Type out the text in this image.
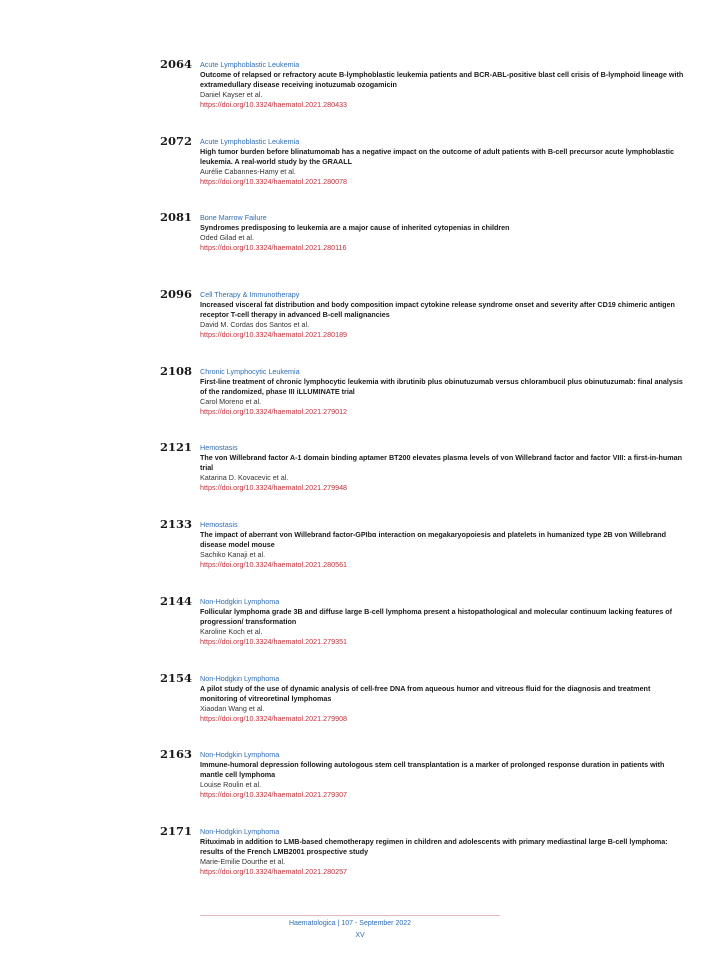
2064 Acute Lymphoblastic Leukemia
Outcome of relapsed or refractory acute B-lymphoblastic leukemia patients and BCR-ABL-positive blast cell crisis of B-lymphoid lineage with extramedullary disease receiving inotuzumab ozogamicin
Daniel Kayser et al.
https://doi.org/10.3324/haematol.2021.280433
2072 Acute Lymphoblastic Leukemia
High tumor burden before blinatumomab has a negative impact on the outcome of adult patients with B-cell precursor acute lymphoblastic leukemia. A real-world study by the GRAALL
Aurélie Cabannes-Hamy et al.
https://doi.org/10.3324/haematol.2021.280078
2081 Bone Marrow Failure
Syndromes predisposing to leukemia are a major cause of inherited cytopenias in children
Oded Gilad et al.
https://doi.org/10.3324/haematol.2021.280116
2096 Cell Therapy & Immunotherapy
Increased visceral fat distribution and body composition impact cytokine release syndrome onset and severity after CD19 chimeric antigen receptor T-cell therapy in advanced B-cell malignancies
David M. Cordas dos Santos et al.
https://doi.org/10.3324/haematol.2021.280189
2108 Chronic Lymphocytic Leukemia
First-line treatment of chronic lymphocytic leukemia with ibrutinib plus obinutuzumab versus chlorambucil plus obinutuzumab: final analysis of the randomized, phase III iLLUMINATE trial
Carol Moreno et al.
https://doi.org/10.3324/haematol.2021.279012
2121 Hemostasis
The von Willebrand factor A-1 domain binding aptamer BT200 elevates plasma levels of von Willebrand factor and factor VIII: a first-in-human trial
Katarina D. Kovacevic et al.
https://doi.org/10.3324/haematol.2021.279948
2133 Hemostasis
The impact of aberrant von Willebrand factor-GPIbα interaction on megakaryopoiesis and platelets in humanized type 2B von Willebrand disease model mouse
Sachiko Kanaji et al.
https://doi.org/10.3324/haematol.2021.280561
2144 Non-Hodgkin Lymphoma
Follicular lymphoma grade 3B and diffuse large B-cell lymphoma present a histopathological and molecular continuum lacking features of progression/ transformation
Karoline Koch et al.
https://doi.org/10.3324/haematol.2021.279351
2154 Non-Hodgkin Lymphoma
A pilot study of the use of dynamic analysis of cell-free DNA from aqueous humor and vitreous fluid for the diagnosis and treatment monitoring of vitreoretinal lymphomas
Xiaodan Wang et al.
https://doi.org/10.3324/haematol.2021.279908
2163 Non-Hodgkin Lymphoma
Immune-humoral depression following autologous stem cell transplantation is a marker of prolonged response duration in patients with mantle cell lymphoma
Louise Roulin et al.
https://doi.org/10.3324/haematol.2021.279307
2171 Non-Hodgkin Lymphoma
Rituximab in addition to LMB-based chemotherapy regimen in children and adolescents with primary mediastinal large B-cell lymphoma: results of the French LMB2001 prospective study
Marie-Emilie Dourthe et al.
https://doi.org/10.3324/haematol.2021.280257
Haematologica | 107 - September 2022
XV
